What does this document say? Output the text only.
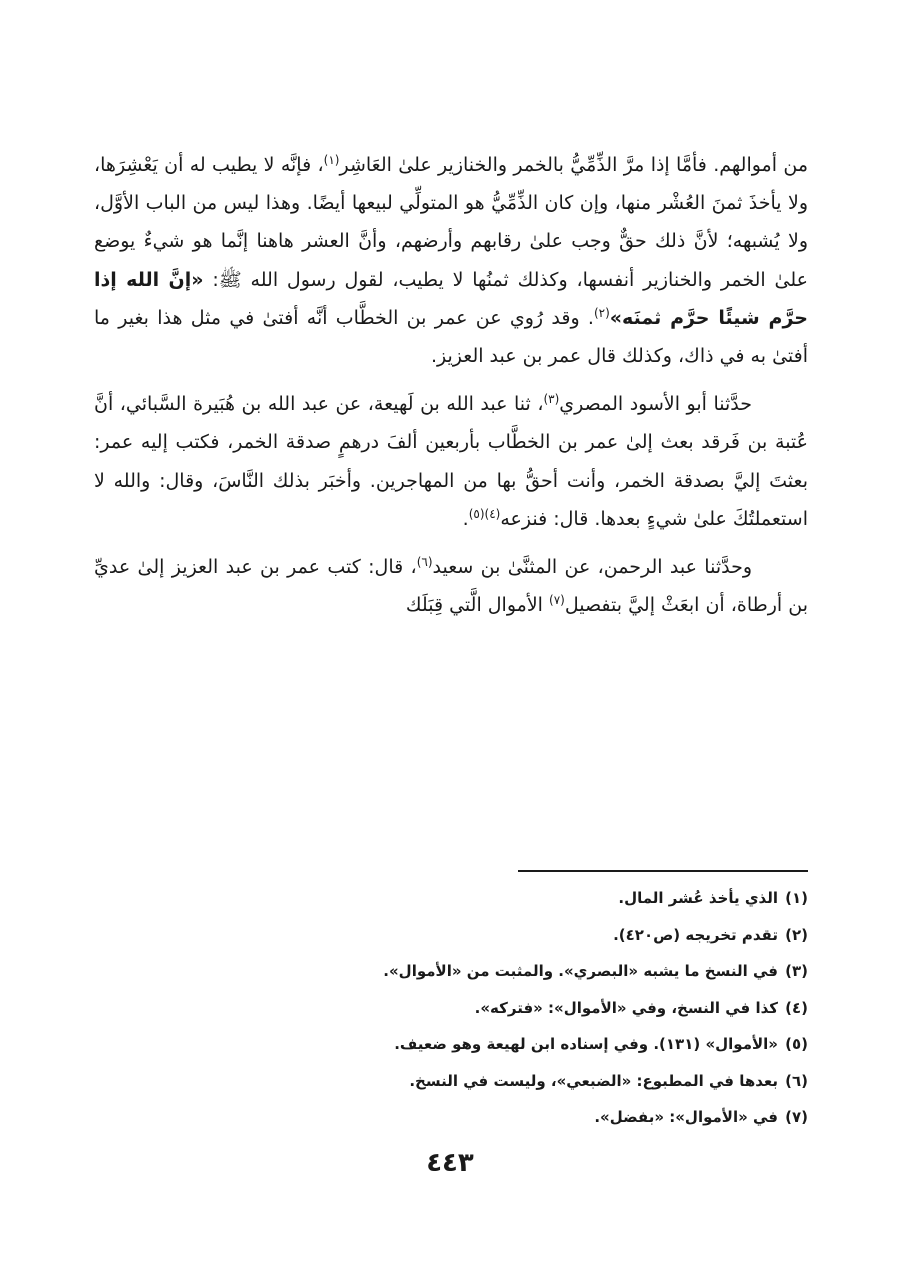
من أموالهم. فأمَّا إذا مرَّ الذِّمِّيُّ بالخمر والخنازير علىٰ العَاشِر$^{(١)}$، فإنَّه لا يطيب له أن يَعْشِرَها، ولا يأخذَ ثمنَ العُشْر منها، وإن كان الذِّمِّيُّ هو المتولِّي لبيعها أيضًا. وهذا ليس من الباب الأوَّل، ولا يُشبهه؛ لأنَّ ذلك حقٌّ وجب علىٰ رقابهم وأرضهم، وأنَّ العشر هاهنا إنَّما هو شيءٌ يوضع علىٰ الخمر والخنازير أنفسها، وكذلك ثمنُها لا يطيب، لقول رسول الله ﷺ: «إنَّ الله إذا حرَّم شيئًا حرَّم ثمنَه»$^{(٢)}$. وقد رُوي عن عمر بن الخطَّاب أنَّه أفتىٰ في مثل هذا بغير ما أفتىٰ به في ذاك، وكذلك قال عمر بن عبد العزيز.

حدَّثنا أبو الأسود المصري$^{(٣)}$، ثنا عبد الله بن لَهيعة، عن عبد الله بن هُبَيرة السَّبائي، أنَّ عُتبة بن فَرقد بعث إلىٰ عمر بن الخطَّاب بأربعين ألفَ درهمٍ صدقة الخمر، فكتب إليه عمر: بعثتَ إليَّ بصدقة الخمر، وأنت أحقُّ بها من المهاجرين. وأخبَر بذلك النَّاسَ، وقال: والله لا استعملتُكَ علىٰ شيءٍ بعدها. قال: فنزعه$^{(٤)(٥)}$.

وحدَّثنا عبد الرحمن، عن المثنَّىٰ بن سعيد$^{(٦)}$، قال: كتب عمر بن عبد العزيز إلىٰ عديِّ بن أرطاة، أن ابعَثْ إليَّ بتفصيل$^{(٧)}$ الأموال الَّتي قِبَلَك

(١)
الذي يأخذ عُشر المال.
(٢)
تقدم تخريجه (ص٤٢٠).
(٣)
في النسخ ما يشبه «البصري». والمثبت من «الأموال».
(٤)
كذا في النسخ، وفي «الأموال»: «فتركه».
(٥)
«الأموال» (١٣١). وفي إسناده ابن لهيعة وهو ضعيف.
(٦)
بعدها في المطبوع: «الضبعي»، وليست في النسخ.
(٧)
في «الأموال»: «بفضل».
٤٤٣
